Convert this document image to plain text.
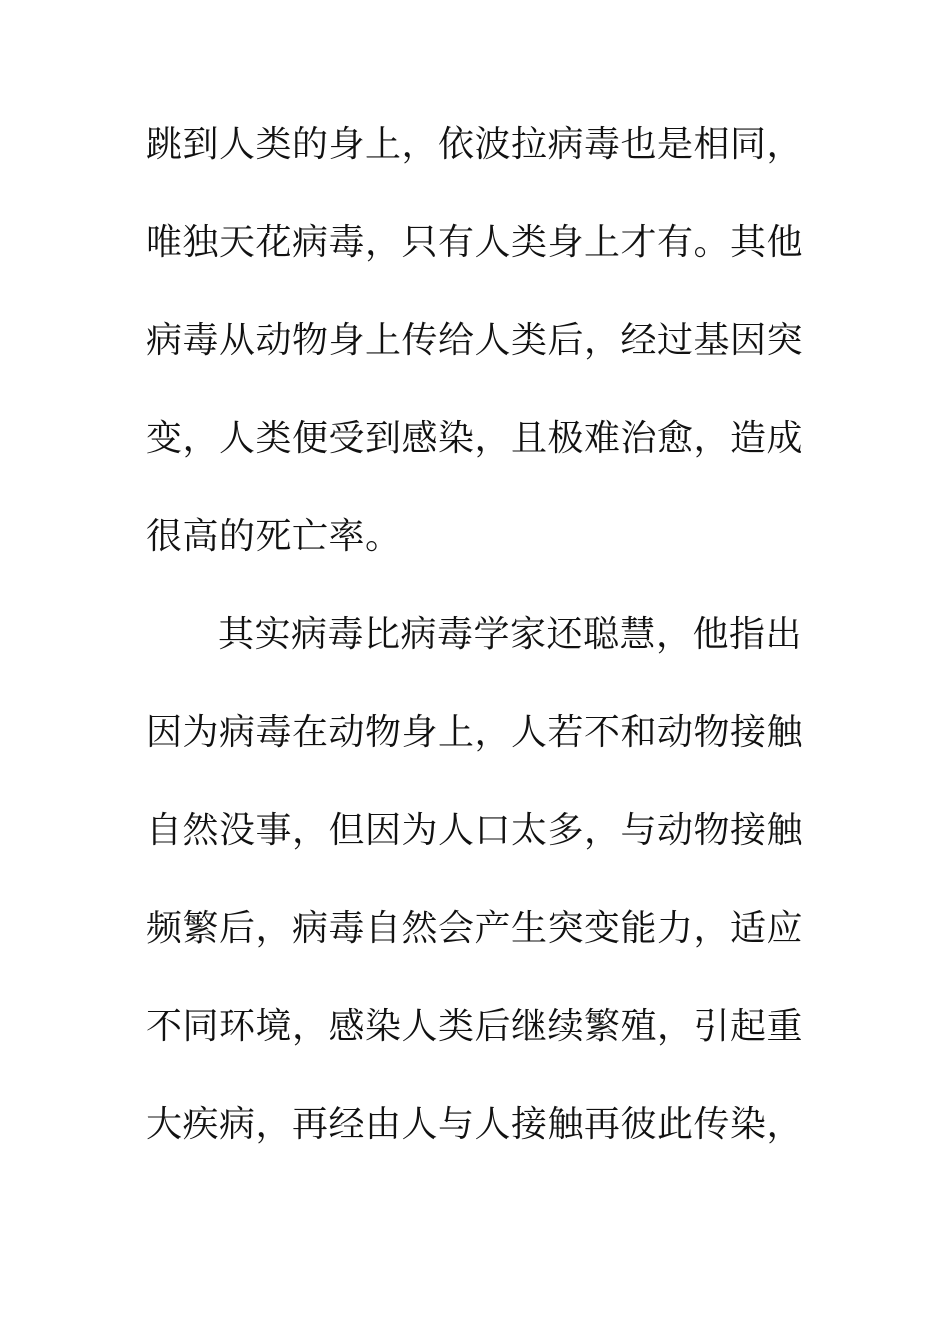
跳到人类的身上，依波拉病毒也是相同，
唯独天花病毒，只有人类身上才有。其他
病毒从动物身上传给人类后，经过基因突
变，人类便受到感染，且极难治愈，造成
很高的死亡率。
其实病毒比病毒学家还聪慧，他指出
因为病毒在动物身上，人若不和动物接触
自然没事，但因为人口太多，与动物接触
频繁后，病毒自然会产生突变能力，适应
不同环境，感染人类后继续繁殖，引起重
大疾病，再经由人与人接触再彼此传染，
